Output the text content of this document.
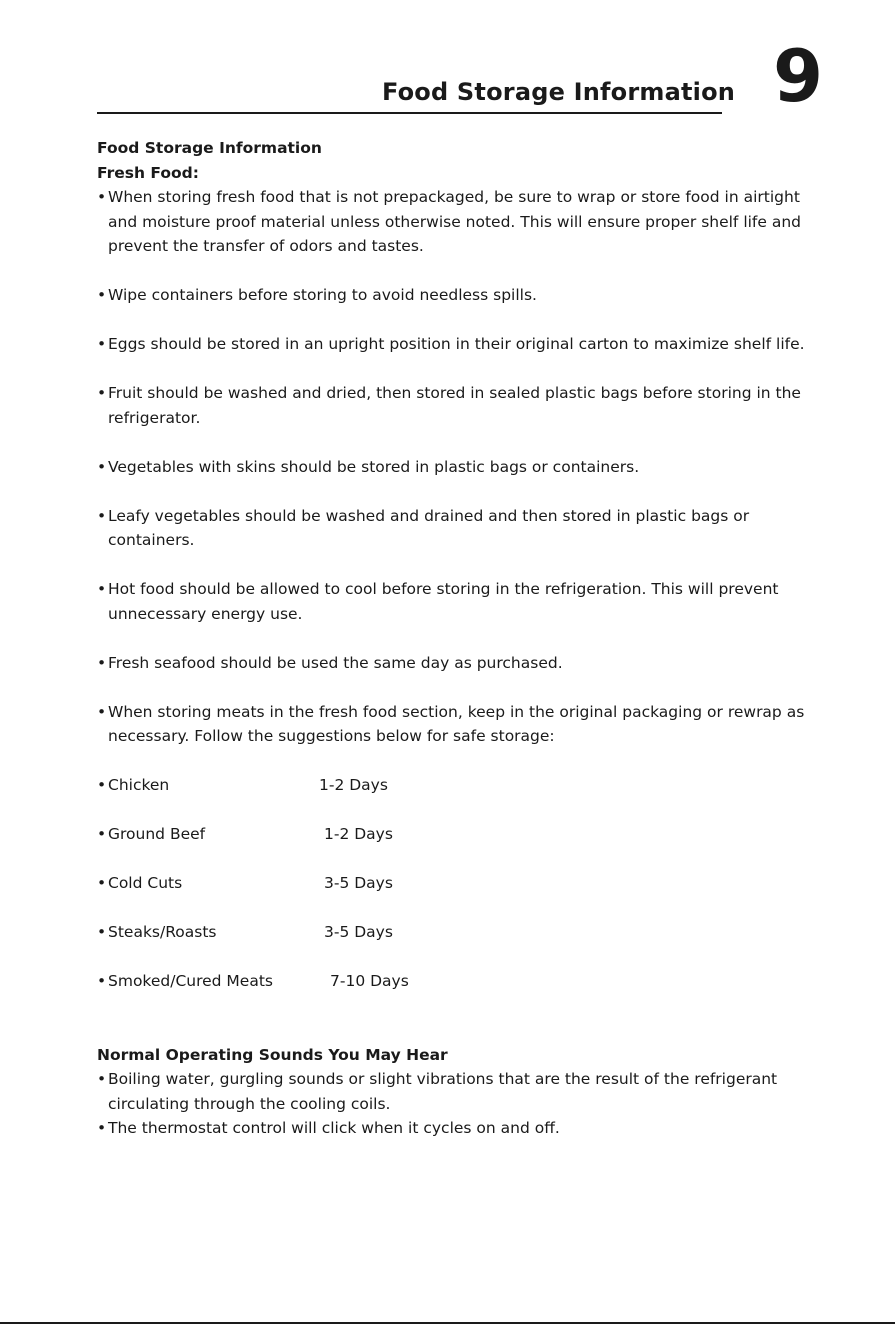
9
Food Storage Information
Food Storage Information
Fresh Food:
• When storing fresh food that is not prepackaged, be sure to wrap or store food in airtight and moisture proof material unless otherwise noted. This will ensure proper shelf life and prevent the transfer of odors and tastes.
• Wipe containers before storing to avoid needless spills.
• Eggs should be stored in an upright position in their original carton to maximize shelf life.
• Fruit should be washed and dried, then stored in sealed plastic bags before storing in the refrigerator.
• Vegetables with skins should be stored in plastic bags or containers.
• Leafy vegetables should be washed and drained and then stored in plastic bags or containers.
• Hot food should be allowed to cool before storing in the refrigeration. This will prevent unnecessary energy use.
• Fresh seafood should be used the same day as purchased.
• When storing meats in the fresh food section, keep in the original packaging or rewrap as necessary. Follow the suggestions below for safe storage:
• Chicken	1-2 Days
• Ground Beef	1-2 Days
• Cold Cuts	3-5 Days
• Steaks/Roasts	3-5 Days
• Smoked/Cured Meats	7-10 Days
Normal Operating Sounds You May Hear
• Boiling water, gurgling sounds or slight vibrations that are the result of the refrigerant circulating through the cooling coils.
• The thermostat control will click when it cycles on and off.
